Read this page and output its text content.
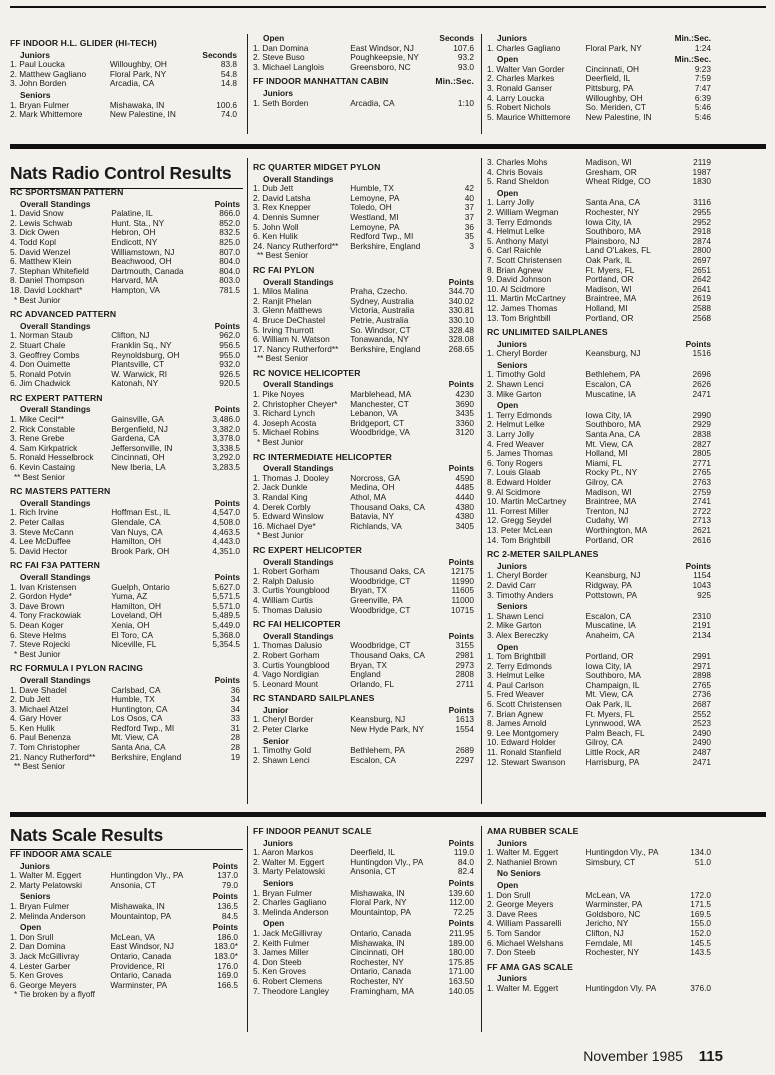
FF INDOOR H.L. GLIDER (HI-TECH)
Juniors	Seconds
1. Paul Loucka	Willoughby, OH	83.8
2. Matthew Gagliano	Floral Park, NY	54.8
3. John Borden	Arcadia, CA	14.8
Seniors
1. Bryan Fulmer	Mishawaka, IN	100.6
2. Mark Whittemore	New Palestine, IN	74.0
Open	Seconds
1. Dan Domina	East Windsor, NJ	107.6
2. Steve Buso	Poughkeepsie, NY	93.2
3. Michael Langlois	Greensboro, NC	93.0
FF INDOOR MANHATTAN CABIN	Min.:Sec.
Juniors
1. Seth Borden	Arcadia, CA	1:10
Juniors	Min.:Sec.
1. Charles Gagliano	Floral Park, NY	1:24
Open	Min.:Sec.
1. Walter Van Gorder	Cincinnati, OH	9:23
2. Charles Markes	Deerfield, IL	7:59
3. Ronald Ganser	Pittsburg, PA	7:47
4. Larry Loucka	Willoughby, OH	6:39
5. Robert Nichols	So. Meriden, CT	5:46
5. Maurice Whittemore	New Palestine, IN	5:46
Nats Radio Control Results
RC SPORTSMAN PATTERN
Overall Standings	Points
1. David Snow	Palatine, IL	866.0
2. Lewis Schwab	Hunt. Sta., NY	852.0
3. Dick Owen	Hebron, OH	832.5
4. Todd Kopl	Endicott, NY	825.0
5. David Wenzel	Williamstown, NJ	807.0
6. Matthew Klein	Beachwood, OH	804.0
7. Stephan Whitefield	Dartmouth, Canada	804.0
8. Daniel Thompson	Harvard, MA	803.0
18. David Lockhart*	Hampton, VA	781.5
* Best Junior
RC ADVANCED PATTERN
Overall Standings	Points
1. Norman Staub	Clifton, NJ	962.0
2. Stuart Chale	Franklin Sq., NY	956.5
3. Geoffrey Combs	Reynoldsburg, OH	955.0
4. Don Ouimette	Plantsville, CT	932.0
5. Ronald Potvin	W. Warwick, RI	926.5
6. Jim Chadwick	Katonah, NY	920.5
RC EXPERT PATTERN
Overall Standings	Points
1. Mike Cecil**	Gainsville, GA	3,486.0
2. Rick Constable	Bergenfield, NJ	3,382.0
3. Rene Grebe	Gardena, CA	3,378.0
4. Sam Kirkpatrick	Jeffersonville, IN	3,338.5
5. Ronald Hesselbrock	Cincinnati, OH	3,292.0
6. Kevin Castaing	New Iberia, LA	3,283.5
** Best Senior
RC MASTERS PATTERN
Overall Standings	Points
1. Rich Irvine	Hoffman Est., IL	4,547.0
2. Peter Callas	Glendale, CA	4,508.0
3. Steve McCann	Van Nuys, CA	4,463.5
4. Lee McDuffee	Hamilton, OH	4,443.0
5. David Hector	Brook Park, OH	4,351.0
RC FAI F3A PATTERN
Overall Standings	Points
1. Ivan Kristensen	Guelph, Ontario	5,627.0
2. Gordon Hyde*	Yuma, AZ	5,571.5
3. Dave Brown	Hamilton, OH	5,571.0
4. Tony Frackowiak	Loveland, OH	5,489.5
5. Dean Koger	Xenia, OH	5,449.0
6. Steve Helms	El Toro, CA	5,368.0
7. Steve Rojecki	Niceville, FL	5,354.5
* Best Junior
RC FORMULA I PYLON RACING
Overall Standings	Points
1. Dave Shadel	Carlsbad, CA	36
2. Dub Jett	Humble, TX	34
3. Michael Atzel	Huntington, CA	34
4. Gary Hover	Los Osos, CA	33
5. Ken Hulik	Redford Twp., MI	31
6. Paul Benenza	Mt. View, CA	28
7. Tom Christopher	Santa Ana, CA	28
21. Nancy Rutherford**	Berkshire, England	19
** Best Senior
RC QUARTER MIDGET PYLON
Overall Standings
1. Dub Jett	Humble, TX	42
2. David Latsha	Lemoyne, PA	40
3. Rex Knepper	Toledo, OH	37
4. Dennis Sumner	Westland, MI	37
5. John Woll	Lemoyne, PA	36
6. Ken Hulik	Redford Twp., MI	35
24. Nancy Rutherford**	Berkshire, England	3
** Best Senior
RC FAI PYLON
Overall Standings	Points
1. Milos Malina	Praha, Czecho.	344.70
2. Ranjit Phelan	Sydney, Australia	340.02
3. Glenn Matthews	Victoria, Australia	330.81
4. Bruce DeChastel	Petrie, Australia	330.10
5. Irving Thurrott	So. Windsor, CT	328.48
6. William N. Watson	Tonawanda, NY	328.08
17. Nancy Rutherford**	Berkshire, England	268.65
** Best Senior
RC NOVICE HELICOPTER
Overall Standings	Points
1. Pike Noyes	Marblehead, MA	4230
2. Christopher Cheyer*	Manchester, CT	3690
3. Richard Lynch	Lebanon, VA	3435
4. Joseph Acosta	Bridgeport, CT	3360
5. Michael Robins	Woodbridge, VA	3120
* Best Junior
RC INTERMEDIATE HELICOPTER
Overall Standings	Points
1. Thomas J. Dooley	Norcross, GA	4590
2. Jack Dunkle	Medina, OH	4485
3. Randal King	Athol, MA	4440
4. Derek Corbly	Thousand Oaks, CA	4380
5. Edward Winslow	Batavia, NY	4380
16. Michael Dye*	Richlands, VA	3405
* Best Junior
RC EXPERT HELICOPTER
Overall Standings	Points
1. Robert Gorham	Thousand Oaks, CA	12175
2. Ralph Dalusio	Woodbridge, CT	11990
3. Curtis Youngblood	Bryan, TX	11605
4. William Curtis	Greenville, PA	11000
5. Thomas Dalusio	Woodbridge, CT	10715
RC FAI HELICOPTER
Overall Standings	Points
1. Thomas Dalusio	Woodbridge, CT	3155
2. Robert Gorham	Thousand Oaks, CA	2981
3. Curtis Youngblood	Bryan, TX	2973
4. Vago Nordigian	England	2808
5. Leonard Mount	Orlando, FL	2711
RC STANDARD SAILPLANES
Junior	Points
1. Cheryl Border	Keansburg, NJ	1613
2. Peter Clarke	New Hyde Park, NY	1554
Senior
1. Timothy Gold	Bethlehem, PA	2689
2. Shawn Lenci	Escalon, CA	2297
3. Charles Mohs	Madison, WI	2119
4. Chris Bovais	Gresham, OR	1987
5. Rand Sheldon	Wheat Ridge, CO	1830
Open
1. Larry Jolly	Santa Ana, CA	3116
2. William Wegman	Rochester, NY	2955
3. Terry Edmonds	Iowa City, IA	2952
4. Helmut Lelke	Southboro, MA	2918
5. Anthony Matyi	Plainsboro, NJ	2874
6. Carl Raichle	Land O'Lakes, FL	2800
7. Scott Christensen	Oak Park, IL	2697
8. Brian Agnew	Ft. Myers, FL	2651
9. David Johnson	Portland, OR	2642
10. Al Scidmore	Madison, WI	2641
11. Martin McCartney	Braintree, MA	2619
12. James Thomas	Holland, MI	2588
13. Tom Brightbill	Portland, OR	2568
RC UNLIMITED SAILPLANES
Juniors	Points
1. Cheryl Border	Keansburg, NJ	1516
Seniors
1. Timothy Gold	Bethlehem, PA	2696
2. Shawn Lenci	Escalon, CA	2626
3. Mike Garton	Muscatine, IA	2471
Open
1. Terry Edmonds	Iowa City, IA	2990
2. Helmut Lelke	Southboro, MA	2929
3. Larry Jolly	Santa Ana, CA	2838
4. Fred Weaver	Mt. View, CA	2827
5. James Thomas	Holland, MI	2805
6. Tony Rogers	Miami, FL	2771
7. Louis Glaab	Rocky Pt., NY	2765
8. Edward Holder	Gilroy, CA	2763
9. Al Scidmore	Madison, WI	2759
10. Martin McCartney	Braintree, MA	2741
11. Forrest Miller	Trenton, NJ	2722
12. Gregg Seydel	Cudahy, WI	2713
13. Peter McLean	Worthington, MA	2621
14. Tom Brightbill	Portland, OR	2616
RC 2-METER SAILPLANES
Juniors	Points
1. Cheryl Border	Keansburg, NJ	1154
2. David Carr	Ridgway, PA	1043
3. Timothy Anders	Pottstown, PA	925
Seniors
1. Shawn Lenci	Escalon, CA	2310
2. Mike Garton	Muscatine, IA	2191
3. Alex Bereczky	Anaheim, CA	2134
Open
1. Tom Brightbill	Portland, OR	2991
2. Terry Edmonds	Iowa City, IA	2971
3. Helmut Lelke	Southboro, MA	2898
4. Paul Carlson	Champaign, IL	2765
5. Fred Weaver	Mt. View, CA	2736
6. Scott Christensen	Oak Park, IL	2687
7. Brian Agnew	Ft. Myers, FL	2552
8. James Arnold	Lynnwood, WA	2523
9. Lee Montgomery	Palm Beach, FL	2490
10. Edward Holder	Gilroy, CA	2490
11. Ronald Stanfield	Little Rock, AR	2487
12. Stewart Swanson	Harrisburg, PA	2471
Nats Scale Results
FF INDOOR AMA SCALE
Juniors	Points
1. Walter M. Eggert	Huntingdon Vly., PA	137.0
2. Marty Pelatowski	Ansonia, CT	79.0
Seniors	Points
1. Bryan Fulmer	Mishawaka, IN	136.5
2. Melinda Anderson	Mountaintop, PA	84.5
Open	Points
1. Don Srull	McLean, VA	186.0
2. Dan Domina	East Windsor, NJ	183.0*
3. Jack McGillivray	Ontario, Canada	183.0*
4. Lester Garber	Providence, RI	176.0
5. Ken Groves	Ontario, Canada	169.0
6. George Meyers	Warminster, PA	166.5
* Tie broken by a flyoff
FF INDOOR PEANUT SCALE
Juniors	Points
1. Aaron Markos	Deerfield, IL	119.0
2. Walter M. Eggert	Huntingdon Vly., PA	84.0
3. Marty Pelatowski	Ansonia, CT	82.4
Seniors	Points
1. Bryan Fulmer	Mishawaka, IN	139.60
2. Charles Gagliano	Floral Park, NY	112.00
3. Melinda Anderson	Mountaintop, PA	72.25
Open	Points
1. Jack McGillivray	Ontario, Canada	211.95
2. Keith Fulmer	Mishawaka, IN	189.00
3. James Miller	Cincinnati, OH	180.00
4. Don Steeb	Rochester, NY	175.85
5. Ken Groves	Ontario, Canada	171.00
6. Robert Clemens	Rochester, NY	163.50
7. Theodore Langley	Framingham, MA	140.05
AMA RUBBER SCALE
Juniors
1. Walter M. Eggert	Huntingdon Vly., PA	134.0
2. Nathaniel Brown	Simsbury, CT	51.0
No Seniors
Open
1. Don Srull	McLean, VA	172.0
2. George Meyers	Warminster, PA	171.5
3. Dave Rees	Goldsboro, NC	169.5
4. William Passarelli	Jericho, NY	155.0
5. Tom Sandor	Clifton, NJ	152.0
6. Michael Welshans	Ferndale, MI	145.5
7. Don Steeb	Rochester, NY	143.5
FF AMA GAS SCALE
Juniors
1. Walter M. Eggert	Huntingdon Vly. PA	376.0
November 1985 115
